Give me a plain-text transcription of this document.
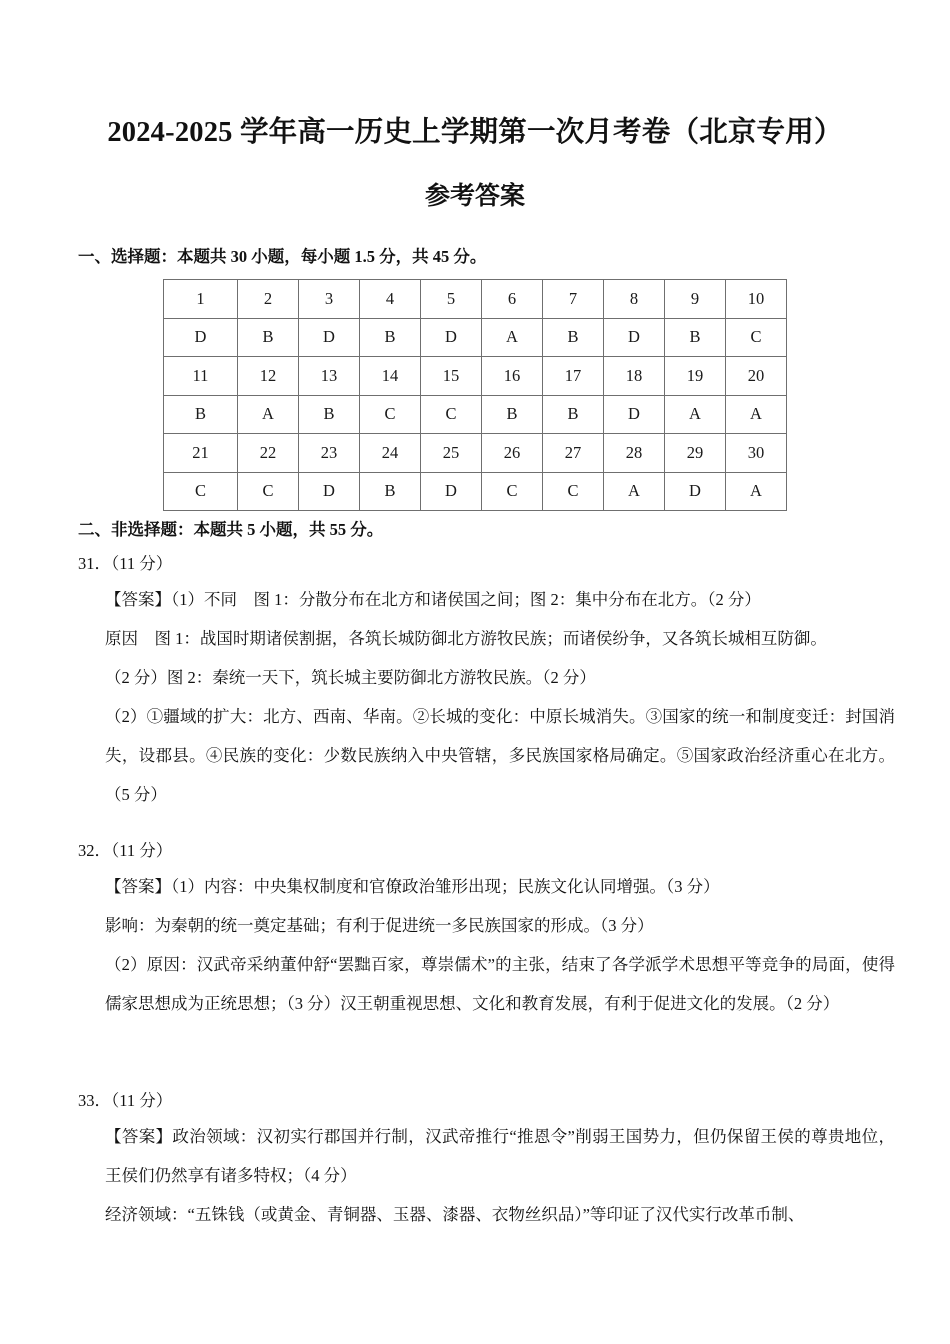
2024-2025 学年高一历史上学期第一次月考卷（北京专用）
参考答案
一、选择题：本题共 30 小题，每小题 1.5 分，共 45 分。
1	2	3	4	5	6	7	8	9	10
D	B	D	B	D	A	B	D	B	C
11	12	13	14	15	16	17	18	19	20
B	A	B	C	C	B	B	D	A	A
21	22	23	24	25	26	27	28	29	30
C	C	D	B	D	C	C	A	D	A
二、非选择题：本题共 5 小题，共 55 分。
31．（11 分）

【答案】（1）不同　图 1：分散分布在北方和诸侯国之间；图 2：集中分布在北方。（2 分）

原因　图 1：战国时期诸侯割据，各筑长城防御北方游牧民族；而诸侯纷争，又各筑长城相互防御。

（2 分）图 2：秦统一天下，筑长城主要防御北方游牧民族。（2 分）

（2）①疆域的扩大：北方、西南、华南。②长城的变化：中原长城消失。③国家的统一和制度变迁：封国消失，设郡县。④民族的变化：少数民族纳入中央管辖，多民族国家格局确定。⑤国家政治经济重心在北方。（5 分）

32．（11 分）

【答案】（1）内容：中央集权制度和官僚政治雏形出现；民族文化认同增强。（3 分）

影响：为秦朝的统一奠定基础；有利于促进统一多民族国家的形成。（3 分）

（2）原因：汉武帝采纳董仲舒“罢黜百家，尊崇儒术”的主张，结束了各学派学术思想平等竞争的局面，使得儒家思想成为正统思想；（3 分）汉王朝重视思想、文化和教育发展，有利于促进文化的发展。（2 分）

33．（11 分）

【答案】政治领域：汉初实行郡国并行制，汉武帝推行“推恩令”削弱王国势力，但仍保留王侯的尊贵地位，王侯们仍然享有诸多特权；（4 分）

经济领域：“五铢钱（或黄金、青铜器、玉器、漆器、衣物丝织品）”等印证了汉代实行改革币制、
